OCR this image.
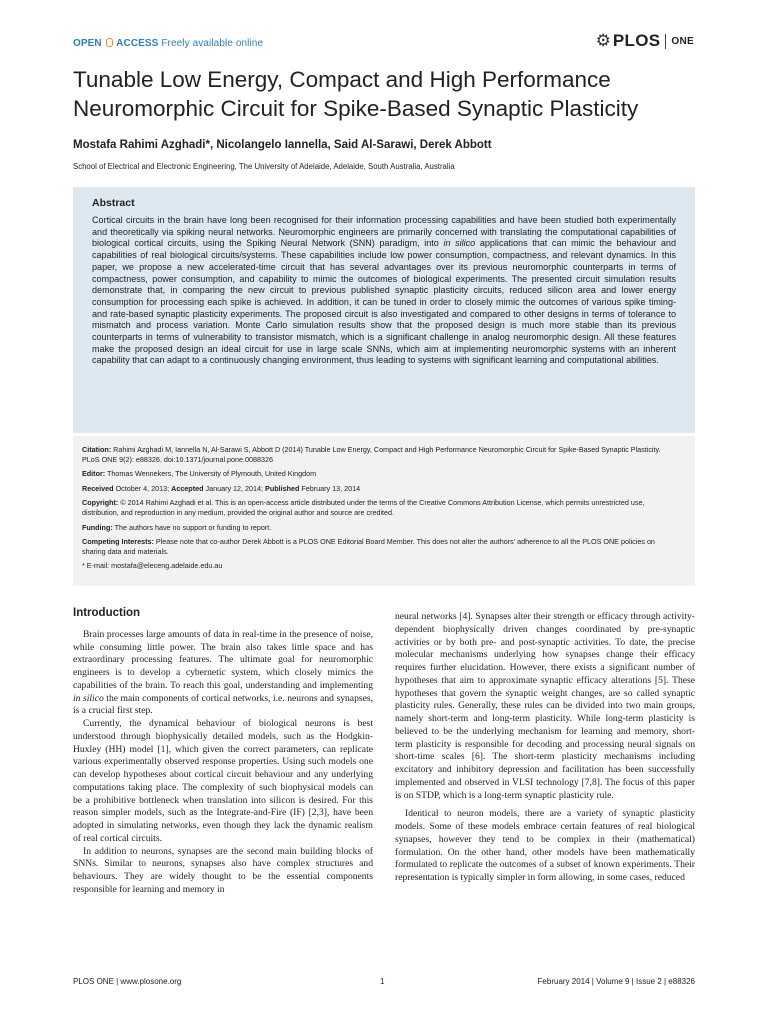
OPEN ACCESS Freely available online	⚙ PLOS ONE
Tunable Low Energy, Compact and High Performance Neuromorphic Circuit for Spike-Based Synaptic Plasticity
Mostafa Rahimi Azghadi*, Nicolangelo Iannella, Said Al-Sarawi, Derek Abbott
School of Electrical and Electronic Engineering, The University of Adelaide, Adelaide, South Australia, Australia
Abstract

Cortical circuits in the brain have long been recognised for their information processing capabilities and have been studied both experimentally and theoretically via spiking neural networks. Neuromorphic engineers are primarily concerned with translating the computational capabilities of biological cortical circuits, using the Spiking Neural Network (SNN) paradigm, into in silico applications that can mimic the behaviour and capabilities of real biological circuits/systems. These capabilities include low power consumption, compactness, and relevant dynamics. In this paper, we propose a new accelerated-time circuit that has several advantages over its previous neuromorphic counterparts in terms of compactness, power consumption, and capability to mimic the outcomes of biological experiments. The presented circuit simulation results demonstrate that, in comparing the new circuit to previous published synaptic plasticity circuits, reduced silicon area and lower energy consumption for processing each spike is achieved. In addition, it can be tuned in order to closely mimic the outcomes of various spike timing- and rate-based synaptic plasticity experiments. The proposed circuit is also investigated and compared to other designs in terms of tolerance to mismatch and process variation. Monte Carlo simulation results show that the proposed design is much more stable than its previous counterparts in terms of vulnerability to transistor mismatch, which is a significant challenge in analog neuromorphic design. All these features make the proposed design an ideal circuit for use in large scale SNNs, which aim at implementing neuromorphic systems with an inherent capability that can adapt to a continuously changing environment, thus leading to systems with significant learning and computational abilities.

Citation: Rahimi Azghadi M, Iannella N, Al-Sarawi S, Abbott D (2014) Tunable Low Energy, Compact and High Performance Neuromorphic Circuit for Spike-Based Synaptic Plasticity. PLoS ONE 9(2): e88326. doi:10.1371/journal.pone.0088326

Editor: Thomas Wennekers, The University of Plymouth, United Kingdom

Received October 4, 2013; Accepted January 12, 2014; Published February 13, 2014

Copyright: © 2014 Rahimi Azghadi et al. This is an open-access article distributed under the terms of the Creative Commons Attribution License, which permits unrestricted use, distribution, and reproduction in any medium, provided the original author and source are credited.

Funding: The authors have no support or funding to report.

Competing Interests: Please note that co-author Derek Abbott is a PLOS ONE Editorial Board Member. This does not alter the authors' adherence to all the PLOS ONE policies on sharing data and materials.

* E-mail: mostafa@eleceng.adelaide.edu.au

Introduction

Brain processes large amounts of data in real-time in the presence of noise, while consuming little power. The brain also takes little space and has extraordinary processing features. The ultimate goal for neuromorphic engineers is to develop a cybernetic system, which closely mimics the capabilities of the brain. To reach this goal, understanding and implementing in silico the main components of cortical networks, i.e. neurons and synapses, is a crucial first step.

Currently, the dynamical behaviour of biological neurons is best understood through biophysically detailed models, such as the Hodgkin-Huxley (HH) model [1], which given the correct parameters, can replicate various experimentally observed response properties. Using such models one can develop hypotheses about cortical circuit behaviour and any underlying computations taking place. The complexity of such biophysical models can be a prohibitive bottleneck when translation into silicon is desired. For this reason simpler models, such as the Integrate-and-Fire (IF) [2,3], have been adopted in simulating networks, even though they lack the dynamic realism of real cortical circuits.

In addition to neurons, synapses are the second main building blocks of SNNs. Similar to neurons, synapses also have complex structures and behaviours. They are widely thought to be the essential components responsible for learning and memory in

neural networks [4]. Synapses alter their strength or efficacy through activity-dependent biophysically driven changes coordinated by pre-synaptic activities or by both pre- and post-synaptic activities. To date, the precise molecular mechanisms underlying how synapses change their efficacy requires further elucidation. However, there exists a significant number of hypotheses that aim to approximate synaptic efficacy alterations [5]. These hypotheses that govern the synaptic weight changes, are so called synaptic plasticity rules. Generally, these rules can be divided into two main groups, namely short-term and long-term plasticity. While long-term plasticity is believed to be the underlying mechanism for learning and memory, short-term plasticity is responsible for decoding and processing neural signals on short-time scales [6]. The short-term plasticity mechanisms including excitatory and inhibitory depression and facilitation has been successfully implemented and observed in VLSI technology [7,8]. The focus of this paper is on STDP, which is a long-term synaptic plasticity rule.

Identical to neuron models, there are a variety of synaptic plasticity models. Some of these models embrace certain features of real biological synapses, however they tend to be complex in their (mathematical) formulation. On the other hand, other models have been mathematically formulated to replicate the outcomes of a subset of known experiments. Their representation is typically simpler in form allowing, in some cases, reduced

PLOS ONE | www.plosone.org	1	February 2014 | Volume 9 | Issue 2 | e88326
